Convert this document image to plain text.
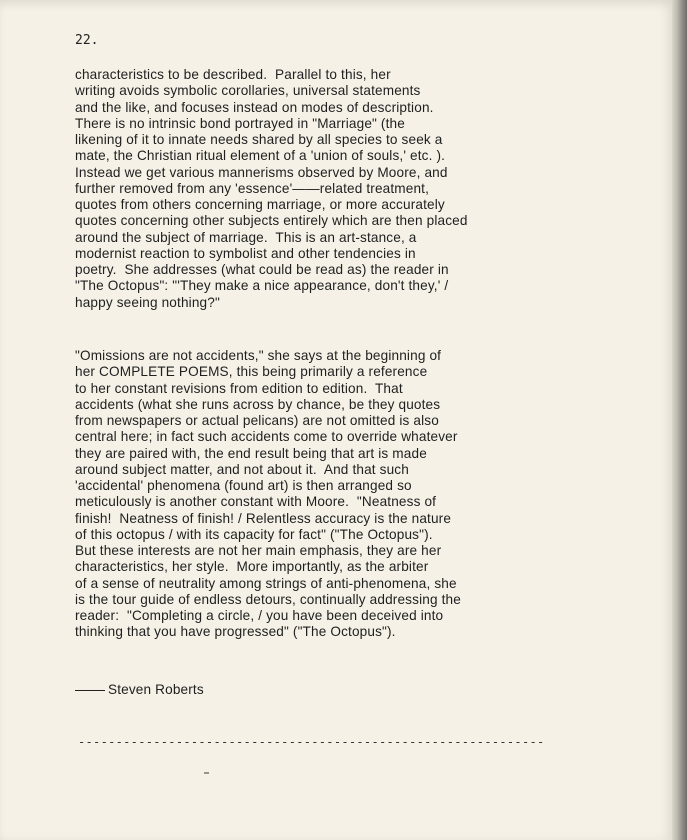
22.
characteristics to be described.  Parallel to this, her
writing avoids symbolic corollaries, universal statements
and the like, and focuses instead on modes of description.
There is no intrinsic bond portrayed in "Marriage" (the
likening of it to innate needs shared by all species to seek a
mate, the Christian ritual element of a 'union of souls,' etc. ).
Instead we get various mannerisms observed by Moore, and
further removed from any 'essence'——related treatment,
quotes from others concerning marriage, or more accurately
quotes concerning other subjects entirely which are then placed
around the subject of marriage.  This is an art-stance, a
modernist reaction to symbolist and other tendencies in
poetry.  She addresses (what could be read as) the reader in
"The Octopus": "'They make a nice appearance, don't they,' /
happy seeing nothing?"
"Omissions are not accidents," she says at the beginning of
her COMPLETE POEMS, this being primarily a reference
to her constant revisions from edition to edition.  That
accidents (what she runs across by chance, be they quotes
from newspapers or actual pelicans) are not omitted is also
central here; in fact such accidents come to override whatever
they are paired with, the end result being that art is made
around subject matter, and not about it.  And that such
'accidental' phenomena (found art) is then arranged so
meticulously is another constant with Moore.  "Neatness of
finish!  Neatness of finish! / Relentless accuracy is the nature
of this octopus / with its capacity for fact" ("The Octopus").
But these interests are not her main emphasis, they are her
characteristics, her style.  More importantly, as the arbiter
of a sense of neutrality among strings of anti-phenomena, she
is the tour guide of endless detours, continually addressing the
reader:  "Completing a circle, / you have been deceived into
thinking that you have progressed" ("The Octopus").
Steven Roberts
--------------------------------------------------------------
